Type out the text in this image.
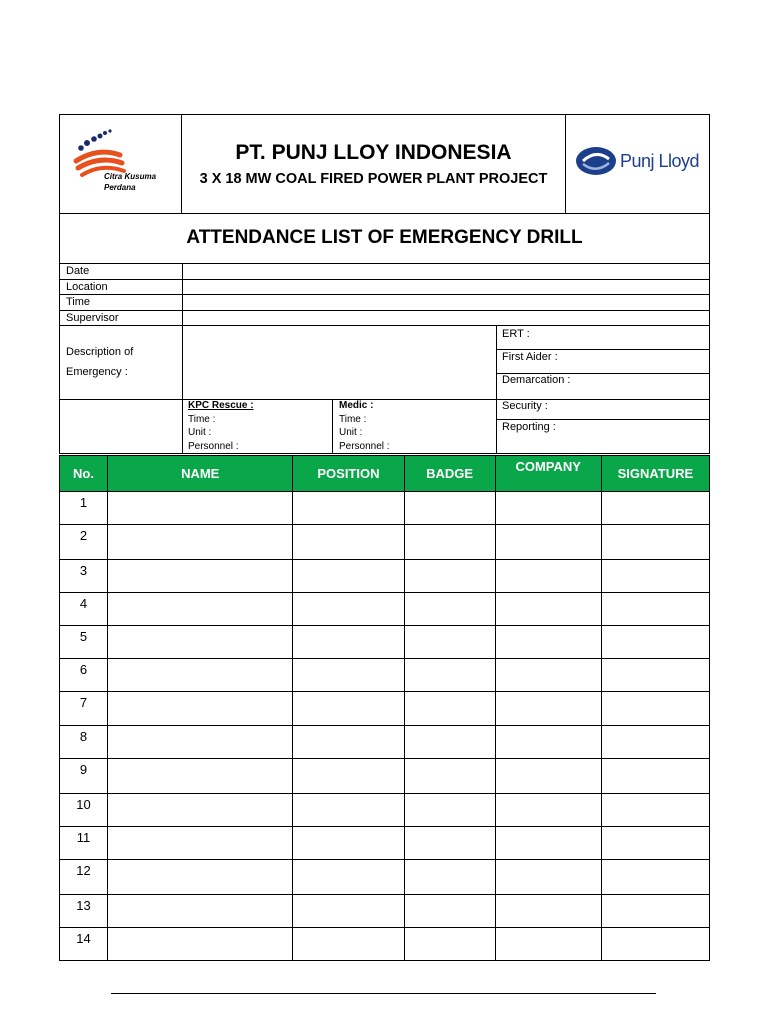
Citra Kusuma
Perdana
PT. PUNJ LLOY INDONESIA
3 X 18 MW COAL FIRED POWER PLANT PROJECT
Punj Lloyd
ATTENDANCE LIST OF EMERGENCY DRILL
Date
Location
Time
Supervisor
Description of
Emergency :
ERT :
First Aider :
Demarcation :
Security :
Reporting :
KPC Rescue :
Time :
Unit :
Personnel :
Medic :
Time :
Unit :
Personnel :
No.	NAME	POSITION	BADGE	COMPANY	SIGNATURE
1					
2					
3					
4					
5					
6					
7					
8					
9					
10					
11					
12					
13					
14					
